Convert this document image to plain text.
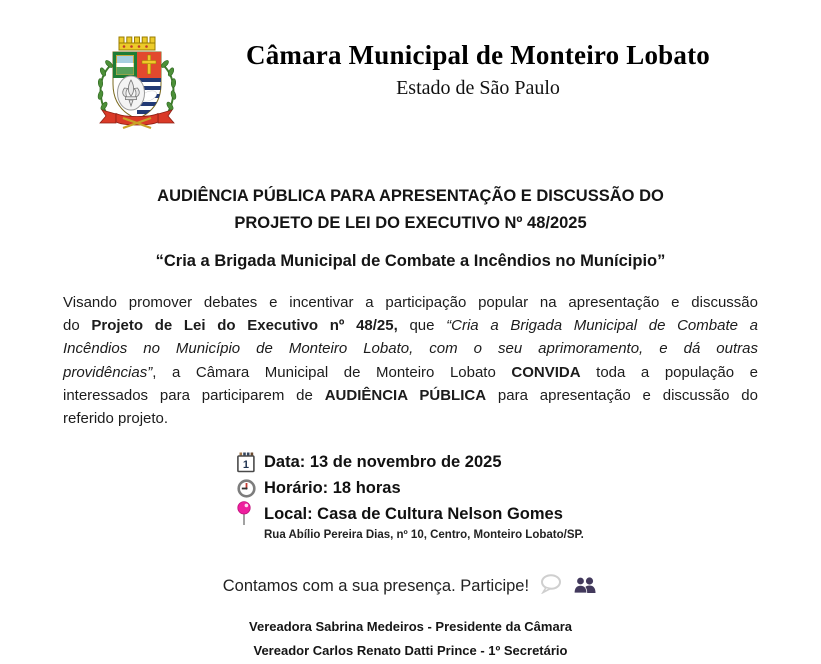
Câmara Municipal de Monteiro Lobato
Estado de São Paulo
AUDIÊNCIA PÚBLICA PARA APRESENTAÇÃO E DISCUSSÃO DO
PROJETO DE LEI DO EXECUTIVO Nº 48/2025
“Cria a Brigada Municipal de Combate a Incêndios no Munícipio”
Visando promover debates e incentivar a participação popular na apresentação e discussão
do Projeto de Lei do Executivo nº 48/25, que “Cria a Brigada Municipal de Combate a
Incêndios no Município de Monteiro Lobato, com o seu aprimoramento, e dá outras
providências”, a Câmara Municipal de Monteiro Lobato CONVIDA toda a população e
interessados para participarem de AUDIÊNCIA PÚBLICA para apresentação e discussão do
referido projeto.
1 Data: 13 de novembro de 2025
Horário: 18 horas
Local: Casa de Cultura Nelson Gomes
Rua Abílio Pereira Dias, nº 10, Centro, Monteiro Lobato/SP.
Contamos com a sua presença. Participe!
Vereadora Sabrina Medeiros - Presidente da Câmara
Vereador Carlos Renato Datti Prince - 1º Secretário
